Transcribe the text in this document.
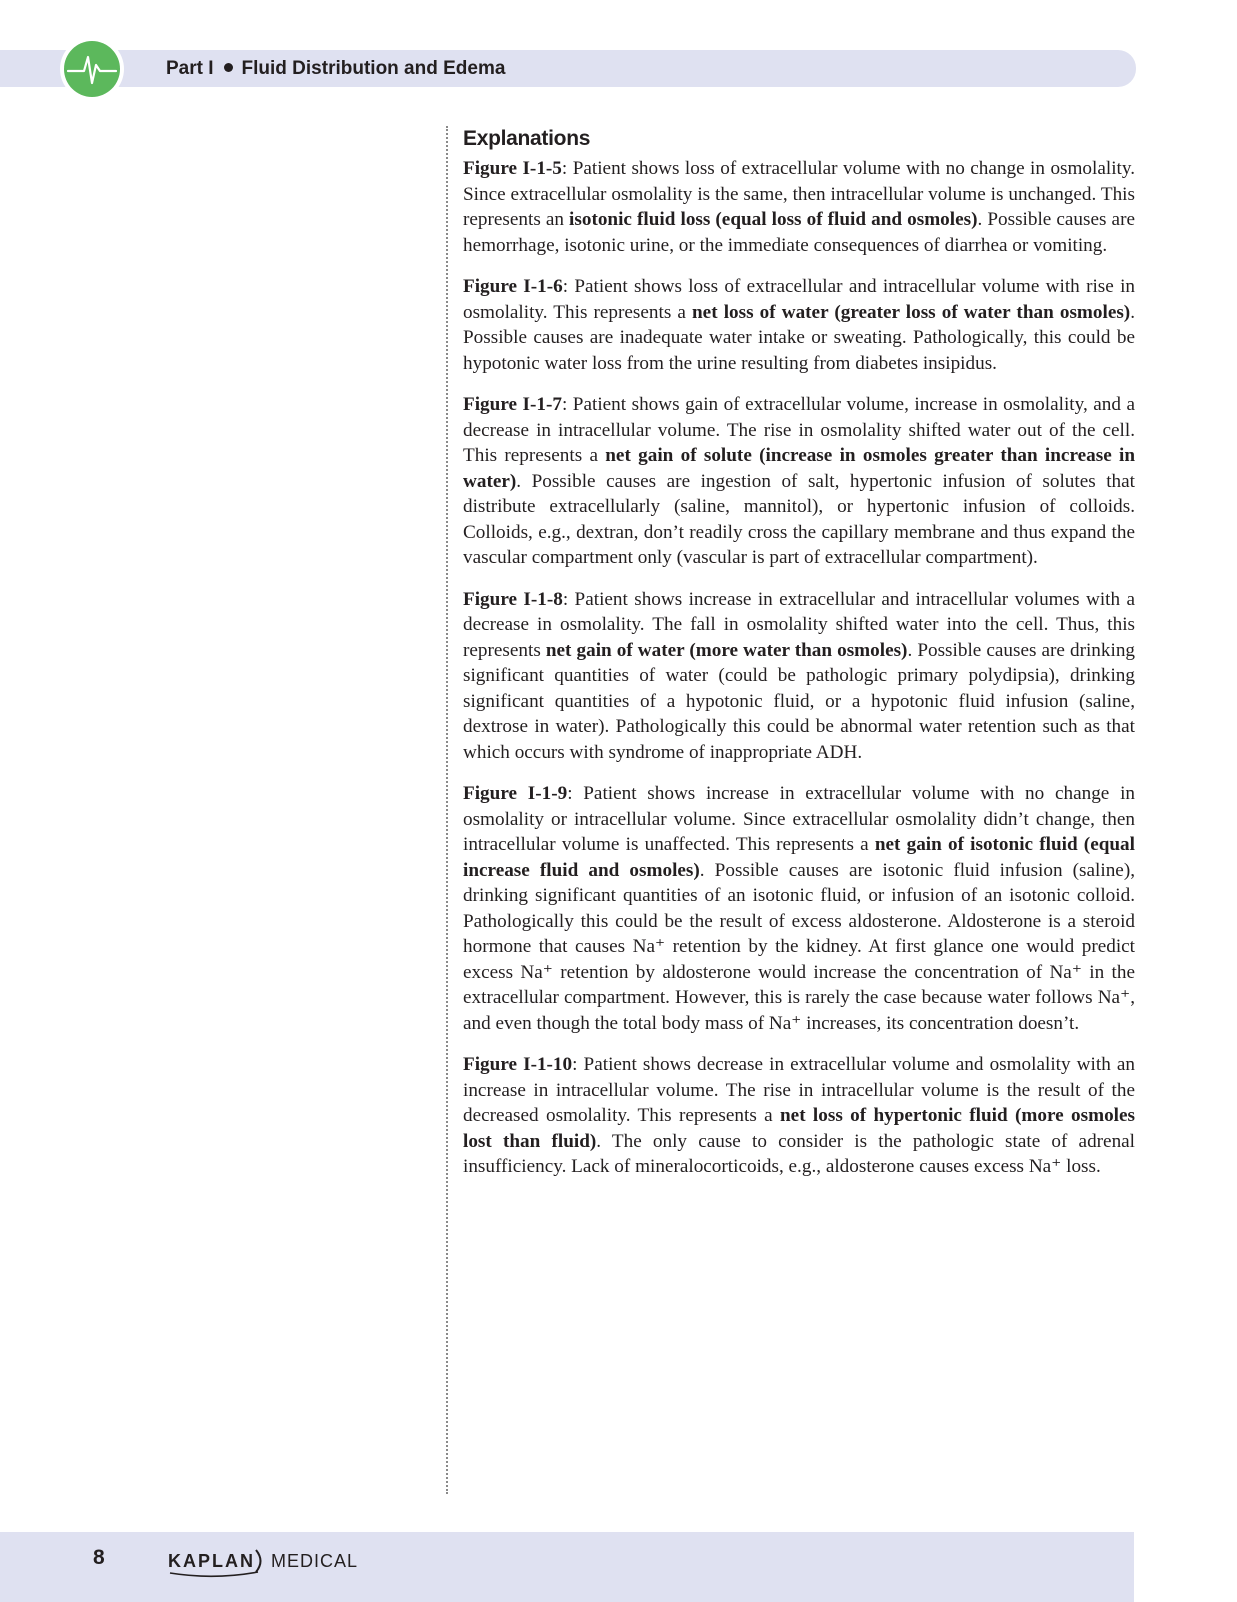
Part I Fluid Distribution and Edema
Explanations

Figure I-1-5: Patient shows loss of extracellular volume with no change in osmolality. Since extracellular osmolality is the same, then intracellular volume is unchanged. This represents an isotonic fluid loss (equal loss of fluid and osmoles). Possible causes are hemorrhage, isotonic urine, or the immediate consequences of diarrhea or vomiting.

Figure I-1-6: Patient shows loss of extracellular and intracellular volume with rise in osmolality. This represents a net loss of water (greater loss of water than osmoles). Possible causes are inadequate water intake or sweating. Pathologically, this could be hypotonic water loss from the urine resulting from diabetes insipidus.

Figure I-1-7: Patient shows gain of extracellular volume, increase in osmolality, and a decrease in intracellular volume. The rise in osmolality shifted water out of the cell. This represents a net gain of solute (increase in osmoles greater than increase in water). Possible causes are ingestion of salt, hypertonic infusion of solutes that distribute extracellularly (saline, mannitol), or hypertonic infusion of colloids. Colloids, e.g., dextran, don’t readily cross the capillary membrane and thus expand the vascular compartment only (vascular is part of extracellular compartment).

Figure I-1-8: Patient shows increase in extracellular and intracellular volumes with a decrease in osmolality. The fall in osmolality shifted water into the cell. Thus, this represents net gain of water (more water than osmoles). Possible causes are drinking significant quantities of water (could be pathologic primary polydipsia), drinking significant quantities of a hypotonic fluid, or a hypotonic fluid infusion (saline, dextrose in water). Pathologically this could be abnormal water retention such as that which occurs with syndrome of inappropriate ADH.

Figure I-1-9: Patient shows increase in extracellular volume with no change in osmolality or intracellular volume. Since extracellular osmolality didn’t change, then intracellular volume is unaffected. This represents a net gain of isotonic fluid (equal increase fluid and osmoles). Possible causes are isotonic fluid infusion (saline), drinking significant quantities of an isotonic fluid, or infusion of an isotonic colloid. Pathologically this could be the result of excess aldosterone. Aldosterone is a steroid hormone that causes Na⁺ retention by the kidney. At first glance one would predict excess Na⁺ retention by aldosterone would increase the concentration of Na⁺ in the extracellular compartment. However, this is rarely the case because water follows Na⁺, and even though the total body mass of Na⁺ increases, its concentration doesn’t.

Figure I-1-10: Patient shows decrease in extracellular volume and osmolality with an increase in intracellular volume. The rise in intracellular volume is the result of the decreased osmolality. This represents a net loss of hypertonic fluid (more osmoles lost than fluid). The only cause to consider is the pathologic state of adrenal insufficiency. Lack of mineralocorticoids, e.g., aldosterone causes excess Na⁺ loss.

8	KAPLAN MEDICAL
